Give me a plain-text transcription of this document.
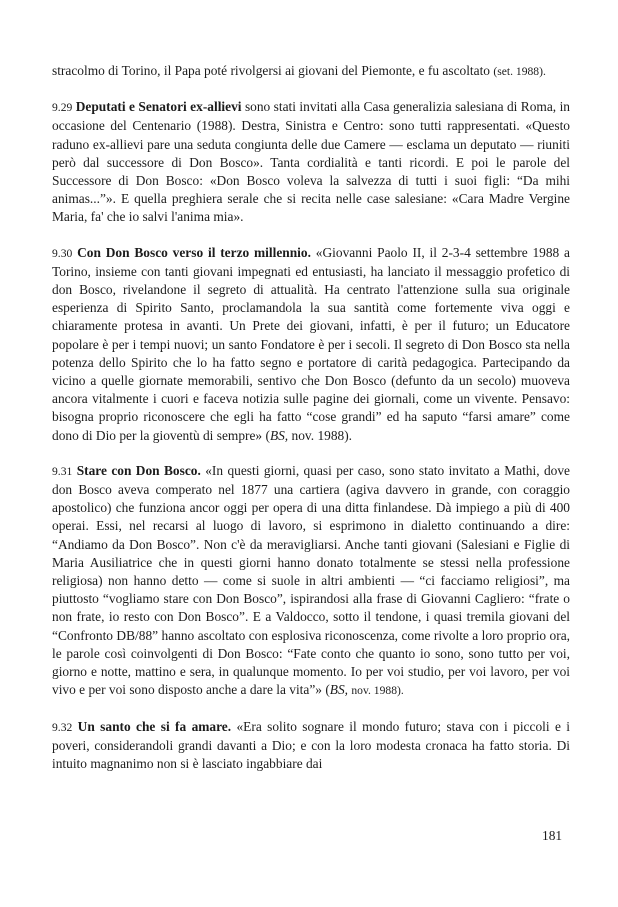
stracolmo di Torino, il Papa poté rivolgersi ai giovani del Piemonte, e fu ascoltato (set. 1988).

9.29 Deputati e Senatori ex-allievi sono stati invitati alla Casa generalizia salesiana di Roma, in occasione del Centenario (1988). Destra, Sinistra e Centro: sono tutti rappresentati. «Questo raduno ex-allievi pare una seduta congiunta delle due Camere — esclama un deputato — riuniti però dal successore di Don Bosco». Tanta cordialità e tanti ricordi. E poi le parole del Successore di Don Bosco: «Don Bosco voleva la salvezza di tutti i suoi figli: “Da mihi animas...”». E quella preghiera serale che si recita nelle case salesiane: «Cara Madre Vergine Maria, fa' che io salvi l'anima mia».

9.30 Con Don Bosco verso il terzo millennio. «Giovanni Paolo II, il 2-3-4 settembre 1988 a Torino, insieme con tanti giovani impegnati ed entusiasti, ha lanciato il messaggio profetico di don Bosco, rivelandone il segreto di attualità. Ha centrato l'attenzione sulla sua originale esperienza di Spirito Santo, proclamandola la sua santità come fortemente viva oggi e chiaramente protesa in avanti. Un Prete dei giovani, infatti, è per il futuro; un Educatore popolare è per i tempi nuovi; un santo Fondatore è per i secoli. Il segreto di Don Bosco sta nella potenza dello Spirito che lo ha fatto segno e portatore di carità pedagogica. Partecipando da vicino a quelle giornate memorabili, sentivo che Don Bosco (defunto da un secolo) muoveva ancora vitalmente i cuori e faceva notizia sulle pagine dei giornali, come un vivente. Pensavo: bisogna proprio riconoscere che egli ha fatto “cose grandi” ed ha saputo “farsi amare” come dono di Dio per la gioventù di sempre» (BS, nov. 1988).

9.31 Stare con Don Bosco. «In questi giorni, quasi per caso, sono stato invitato a Mathi, dove don Bosco aveva comperato nel 1877 una cartiera (agiva davvero in grande, con coraggio apostolico) che funziona ancor oggi per opera di una ditta finlandese. Dà impiego a più di 400 operai. Essi, nel recarsi al luogo di lavoro, si esprimono in dialetto continuando a dire: “Andiamo da Don Bosco”. Non c'è da meravigliarsi. Anche tanti giovani (Salesiani e Figlie di Maria Ausiliatrice che in questi giorni hanno donato totalmente se stessi nella professione religiosa) non hanno detto — come si suole in altri ambienti — “ci facciamo religiosi”, ma piuttosto “vogliamo stare con Don Bosco”, ispirandosi alla frase di Giovanni Cagliero: “frate o non frate, io resto con Don Bosco”. E a Valdocco, sotto il tendone, i quasi tremila giovani del “Confronto DB/88” hanno ascoltato con esplosiva riconoscenza, come rivolte a loro proprio ora, le parole così coinvolgenti di Don Bosco: “Fate conto che quanto io sono, sono tutto per voi, giorno e notte, mattino e sera, in qualunque momento. Io per voi studio, per voi lavoro, per voi vivo e per voi sono disposto anche a dare la vita”» (BS, nov. 1988).

9.32 Un santo che si fa amare. «Era solito sognare il mondo futuro; stava con i piccoli e i poveri, considerandoli grandi davanti a Dio; e con la loro modesta cronaca ha fatto storia. Di intuito magnanimo non si è lasciato ingabbiare dai

181
